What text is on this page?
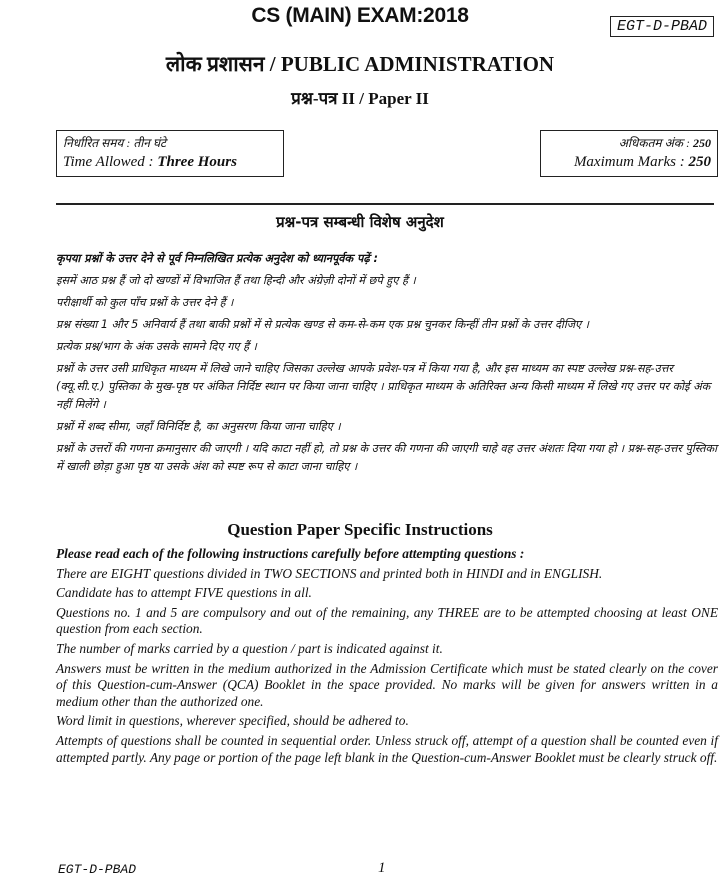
CS (MAIN) EXAM:2018	EGT-D-PBAD
लोक प्रशासन / PUBLIC ADMINISTRATION
प्रश्न-पत्र II / Paper II
निर्धारित समय : तीन घंटे
Time Allowed : Three Hours
अधिकतम अंक : 250
Maximum Marks : 250
प्रश्न-पत्र सम्बन्धी विशेष अनुदेश

कृपया प्रश्नों के उत्तर देने से पूर्व निम्नलिखित प्रत्येक अनुदेश को ध्यानपूर्वक पढ़ें :

इसमें आठ प्रश्न हैं जो दो खण्डों में विभाजित हैं तथा हिन्दी और अंग्रेज़ी दोनों में छपे हुए हैं ।

परीक्षार्थी को कुल पाँच प्रश्नों के उत्तर देने हैं ।

प्रश्न संख्या 1 और 5 अनिवार्य हैं तथा बाकी प्रश्नों में से प्रत्येक खण्ड से कम-से-कम एक प्रश्न चुनकर किन्हीं तीन प्रश्नों के उत्तर दीजिए ।

प्रत्येक प्रश्न/भाग के अंक उसके सामने दिए गए हैं ।

प्रश्नों के उत्तर उसी प्राधिकृत माध्यम में लिखे जाने चाहिए जिसका उल्लेख आपके प्रवेश-पत्र में किया गया है, और इस माध्यम का स्पष्ट उल्लेख प्रश्न-सह-उत्तर (क्यू.सी.ए.) पुस्तिका के मुख-पृष्ठ पर अंकित निर्दिष्ट स्थान पर किया जाना चाहिए । प्राधिकृत माध्यम के अतिरिक्त अन्य किसी माध्यम में लिखे गए उत्तर पर कोई अंक नहीं मिलेंगे ।

प्रश्नों में शब्द सीमा, जहाँ विनिर्दिष्ट है, का अनुसरण किया जाना चाहिए ।

प्रश्नों के उत्तरों की गणना क्रमानुसार की जाएगी । यदि काटा नहीं हो, तो प्रश्न के उत्तर की गणना की जाएगी चाहे वह उत्तर अंशतः दिया गया हो । प्रश्न-सह-उत्तर पुस्तिका में खाली छोड़ा हुआ पृष्ठ या उसके अंश को स्पष्ट रूप से काटा जाना चाहिए ।

Question Paper Specific Instructions

Please read each of the following instructions carefully before attempting questions :

There are EIGHT questions divided in TWO SECTIONS and printed both in HINDI and in ENGLISH.

Candidate has to attempt FIVE questions in all.

Questions no. 1 and 5 are compulsory and out of the remaining, any THREE are to be attempted choosing at least ONE question from each section.

The number of marks carried by a question / part is indicated against it.

Answers must be written in the medium authorized in the Admission Certificate which must be stated clearly on the cover of this Question-cum-Answer (QCA) Booklet in the space provided. No marks will be given for answers written in a medium other than the authorized one.

Word limit in questions, wherever specified, should be adhered to.

Attempts of questions shall be counted in sequential order. Unless struck off, attempt of a question shall be counted even if attempted partly. Any page or portion of the page left blank in the Question-cum-Answer Booklet must be clearly struck off.

EGT-D-PBAD	1
